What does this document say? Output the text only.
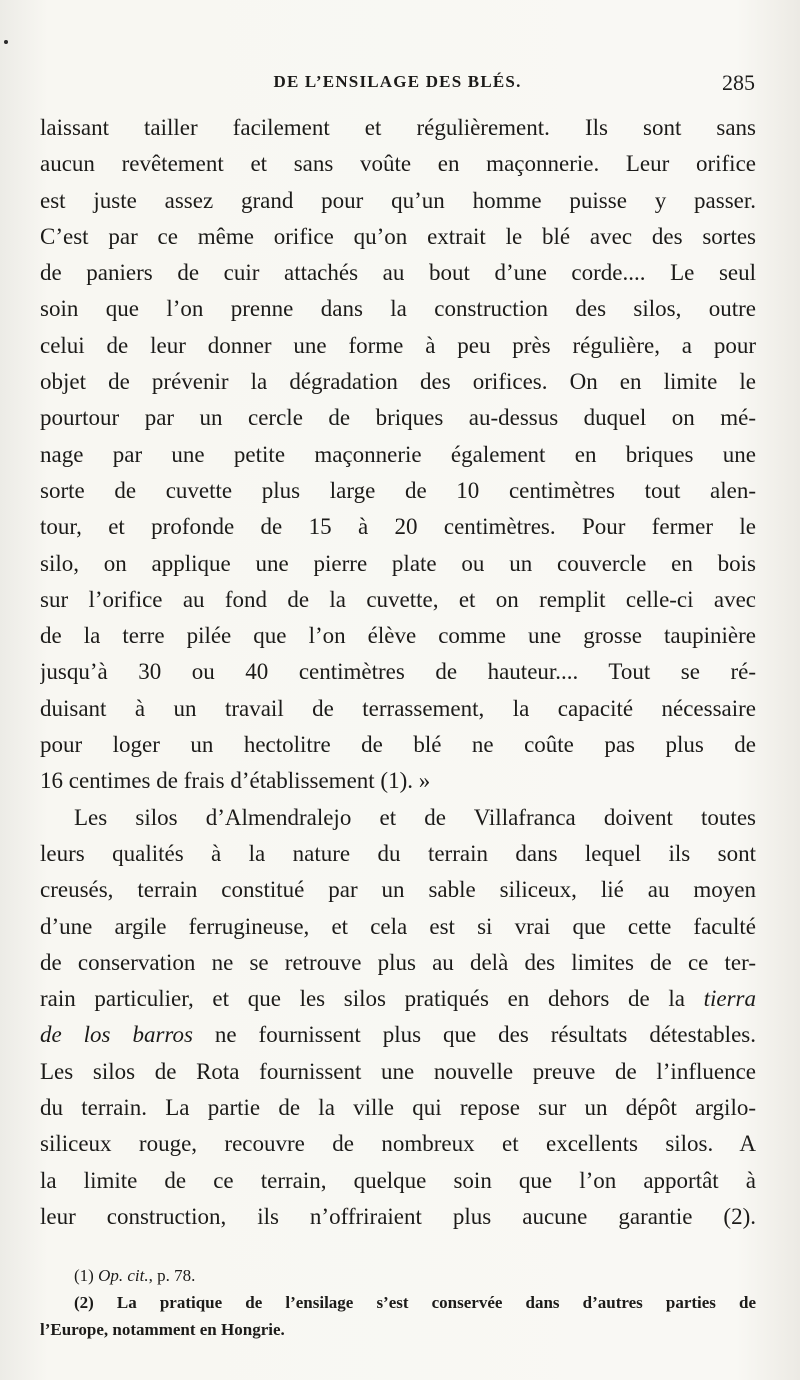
DE L’ENSILAGE DES BLÉS.	285

laissant tailler facilement et régulièrement. Ils sont sans
aucun revêtement et sans voûte en maçonnerie. Leur orifice
est juste assez grand pour qu’un homme puisse y passer.
C’est par ce même orifice qu’on extrait le blé avec des sortes
de paniers de cuir attachés au bout d’une corde.... Le seul
soin que l’on prenne dans la construction des silos, outre
celui de leur donner une forme à peu près régulière, a pour
objet de prévenir la dégradation des orifices. On en limite le
pourtour par un cercle de briques au-dessus duquel on mé-
nage par une petite maçonnerie également en briques une
sorte de cuvette plus large de 10 centimètres tout alen-
tour, et profonde de 15 à 20 centimètres. Pour fermer le
silo, on applique une pierre plate ou un couvercle en bois
sur l’orifice au fond de la cuvette, et on remplit celle-ci avec
de la terre pilée que l’on élève comme une grosse taupinière
jusqu’à 30 ou 40 centimètres de hauteur.... Tout se ré-
duisant à un travail de terrassement, la capacité nécessaire
pour loger un hectolitre de blé ne coûte pas plus de
16 centimes de frais d’établissement (1). »
Les silos d’Almendralejo et de Villafranca doivent toutes
leurs qualités à la nature du terrain dans lequel ils sont
creusés, terrain constitué par un sable siliceux, lié au moyen
d’une argile ferrugineuse, et cela est si vrai que cette faculté
de conservation ne se retrouve plus au delà des limites de ce ter-
rain particulier, et que les silos pratiqués en dehors de la tierra
de los barros ne fournissent plus que des résultats détestables.
Les silos de Rota fournissent une nouvelle preuve de l’influence
du terrain. La partie de la ville qui repose sur un dépôt argilo-
siliceux rouge, recouvre de nombreux et excellents silos. A
la limite de ce terrain, quelque soin que l’on apportât à
leur construction, ils n’offriraient plus aucune garantie (2).
(1) Op. cit., p. 78.
(2) La pratique de l’ensilage s’est conservée dans d’autres parties de
l’Europe, notamment en Hongrie.
